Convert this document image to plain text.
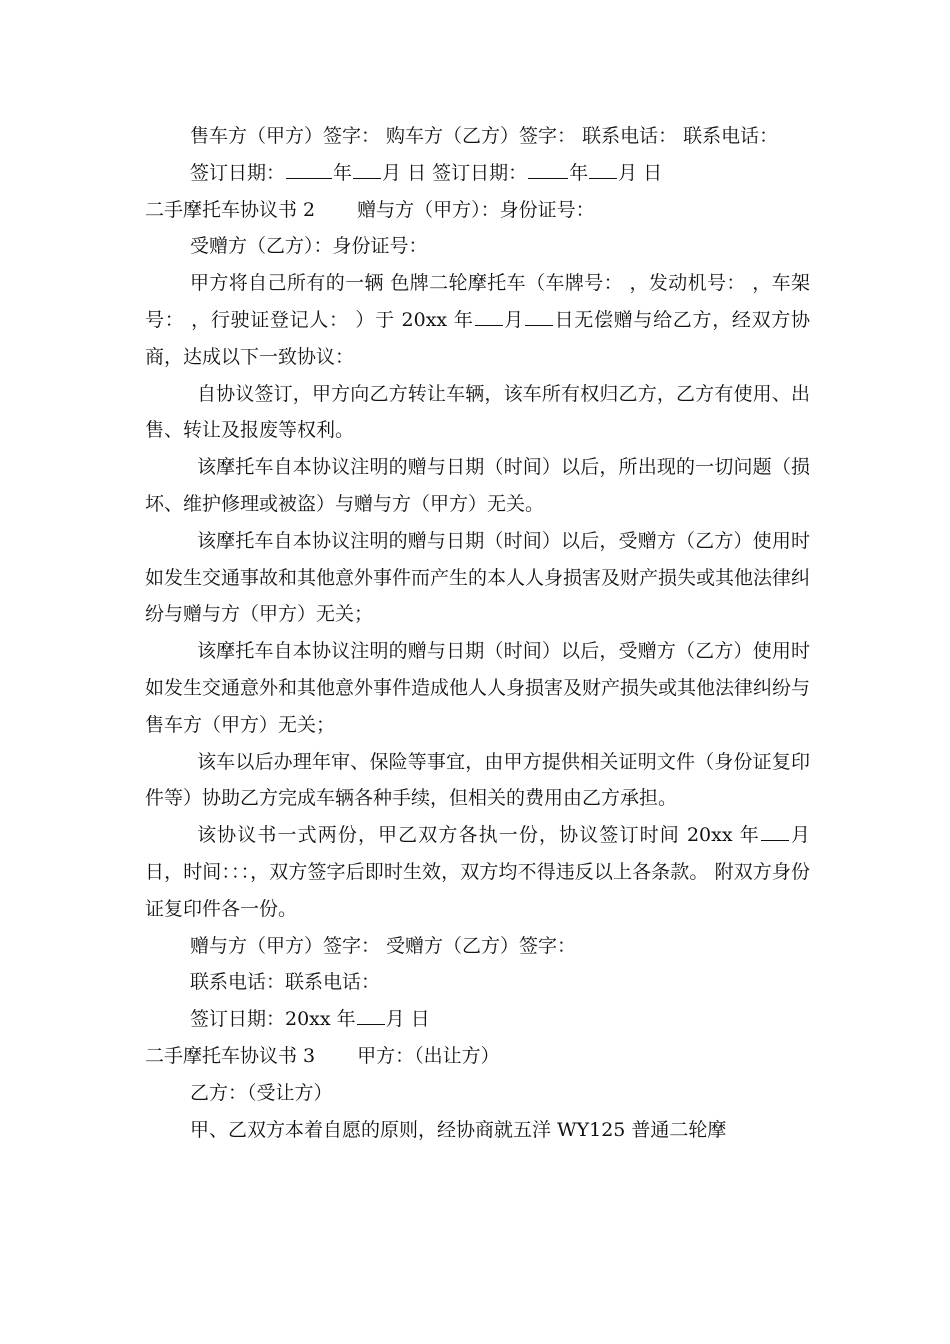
售车方（甲方）签字： 购车方（乙方）签字： 联系电话： 联系电话：

签订日期：	年 月 日 签订日期： 年 月 日

二手摩托车协议书 2 赠与方（甲方）：身份证号：

受赠方（乙方）：身份证号：

甲方将自己所有的一辆 色牌二轮摩托车（车牌号： ，发动机号： ，车架号： ，行驶证登记人： ）于 20xx 年 月 日无偿赠与给乙方，经双方协商，达成以下一致协议：

自协议签订，甲方向乙方转让车辆，该车所有权归乙方，乙方有使用、出售、转让及报废等权利。

该摩托车自本协议注明的赠与日期（时间）以后，所出现的一切问题（损坏、维护修理或被盗）与赠与方（甲方）无关。

该摩托车自本协议注明的赠与日期（时间）以后，受赠方（乙方）使用时如发生交通事故和其他意外事件而产生的本人人身损害及财产损失或其他法律纠纷与赠与方（甲方）无关；

该摩托车自本协议注明的赠与日期（时间）以后，受赠方（乙方）使用时如发生交通意外和其他意外事件造成他人人身损害及财产损失或其他法律纠纷与售车方（甲方）无关；

该车以后办理年审、保险等事宜，由甲方提供相关证明文件（身份证复印件等）协助乙方完成车辆各种手续，但相关的费用由乙方承担。

该协议书一式两份，甲乙双方各执一份，协议签订时间 20xx 年 月日，时间：：：，双方签字后即时生效，双方均不得违反以上各条款。 附双方身份证复印件各一份。

赠与方（甲方）签字： 受赠方（乙方）签字：

联系电话：联系电话：

签订日期：20xx 年 月 日

二手摩托车协议书 3 甲方：（出让方）

乙方：（受让方）

甲、乙双方本着自愿的原则，经协商就五洋 WY125 普通二轮摩
